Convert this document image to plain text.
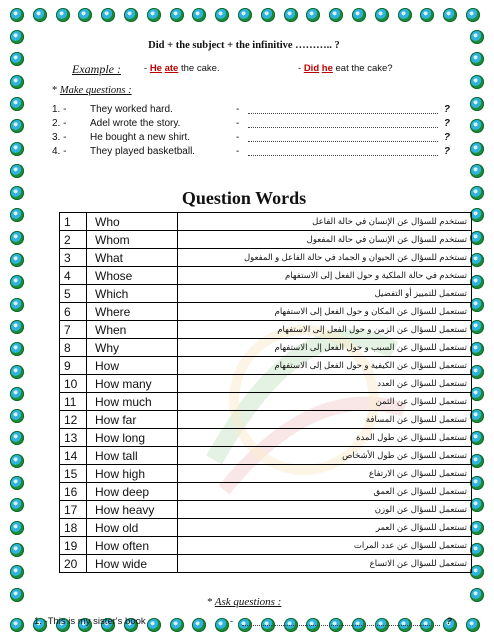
Did + the subject + the infinitive ……….. ?
Example : - He ate the cake.	- Did he eat the cake?
* Make questions :
1. - They worked hard.	-	?
2. - Adel wrote the story.	-	?
3. - He bought a new shirt.	-	?
4. - They played basketball.	-	?
Question Words
1	Who	تستخدم للسؤال عن الإنسان في حالة الفاعل
2	Whom	تستخدم للسؤال عن الإنسان في حالة المفعول
3	What	تستخدم للسؤال عن الحيوان و الجماد في حالة الفاعل و المفعول
4	Whose	تستخدم في حالة الملكية و حول الفعل إلى الاستفهام
5	Which	تستعمل للتمييز أو التفضيل
6	Where	تستعمل للسؤال عن المكان و حول الفعل إلى الاستفهام
7	When	تستعمل للسؤال عن الزمن و حول الفعل إلى الاستفهام
8	Why	تستعمل للسؤال عن السبب و حول الفعل إلى الاستفهام
9	How	تستعمل للسؤال عن الكيفية و حول الفعل إلى الاستفهام
10	How many	تستعمل للسؤال عن العدد
11	How much	تستعمل للسؤال عن الثمن
12	How far	تستعمل للسؤال عن المسافة
13	How long	تستعمل للسؤال عن طول المدة
14	How tall	تستعمل للسؤال عن طول الأشخاص
15	How high	تستعمل للسؤال عن الارتفاع
16	How deep	تستعمل للسؤال عن العمق
17	How heavy	تستعمل للسؤال عن الوزن
18	How old	تستعمل للسؤال عن العمر
19	How often	تستعمل للسؤال عن عدد المرات
20	How wide	تستعمل للسؤال عن الاتساع
* Ask questions :
1. -This is my sister's book	-	?
